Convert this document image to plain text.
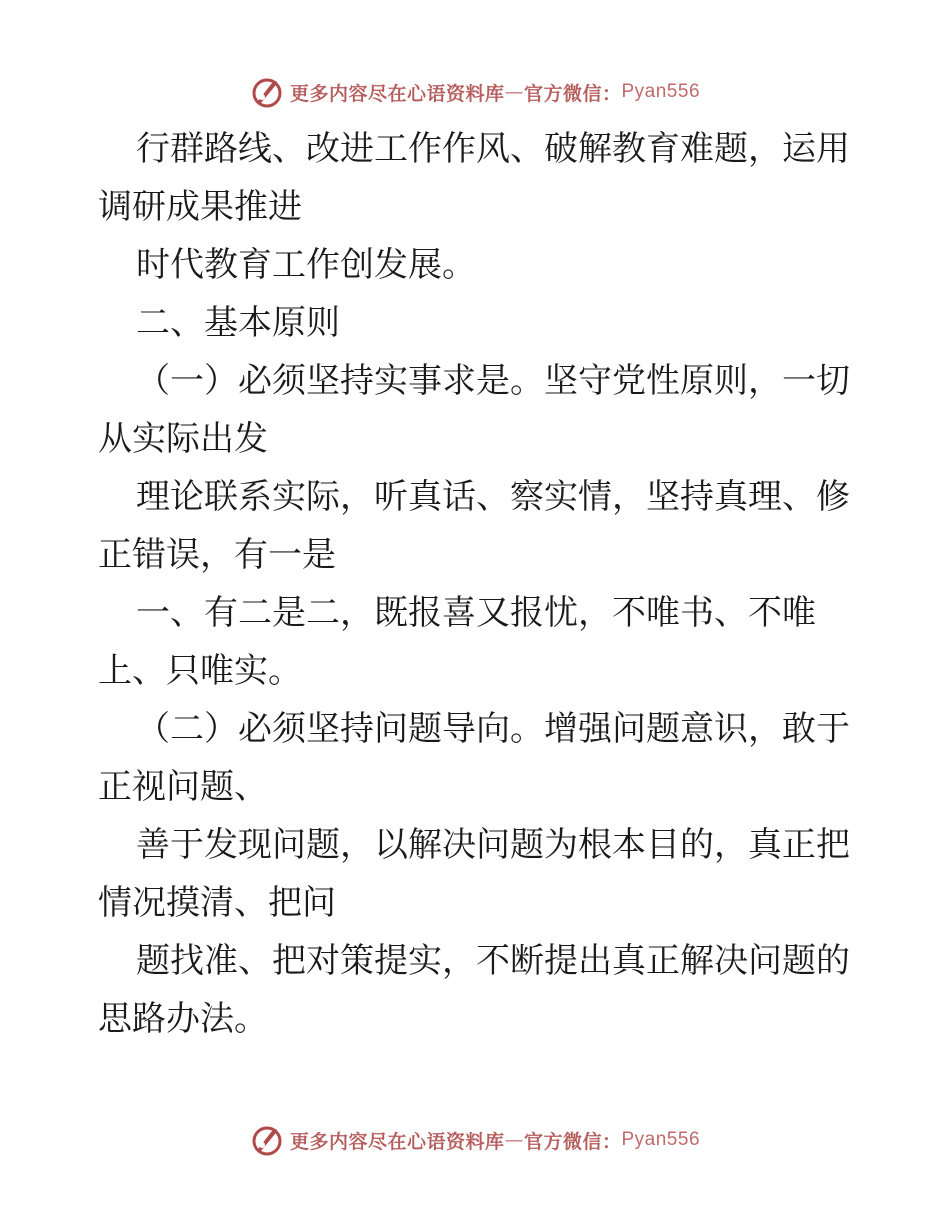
更多内容尽在心语资料库 — 官方微信： Pyan556

行群路线、改进工作作风、破解教育难题，运用调研成果推进

时代教育工作创发展。

二、基本原则

（一）必须坚持实事求是。坚守党性原则，一切从实际出发

理论联系实际，听真话、察实情，坚持真理、修正错误，有一是

一、有二是二，既报喜又报忧，不唯书、不唯上、只唯实。

（二）必须坚持问题导向。增强问题意识，敢于正视问题、

善于发现问题，以解决问题为根本目的，真正把情况摸清、把问

题找准、把对策提实，不断提出真正解决问题的思路办法。

更多内容尽在心语资料库 — 官方微信： Pyan556
